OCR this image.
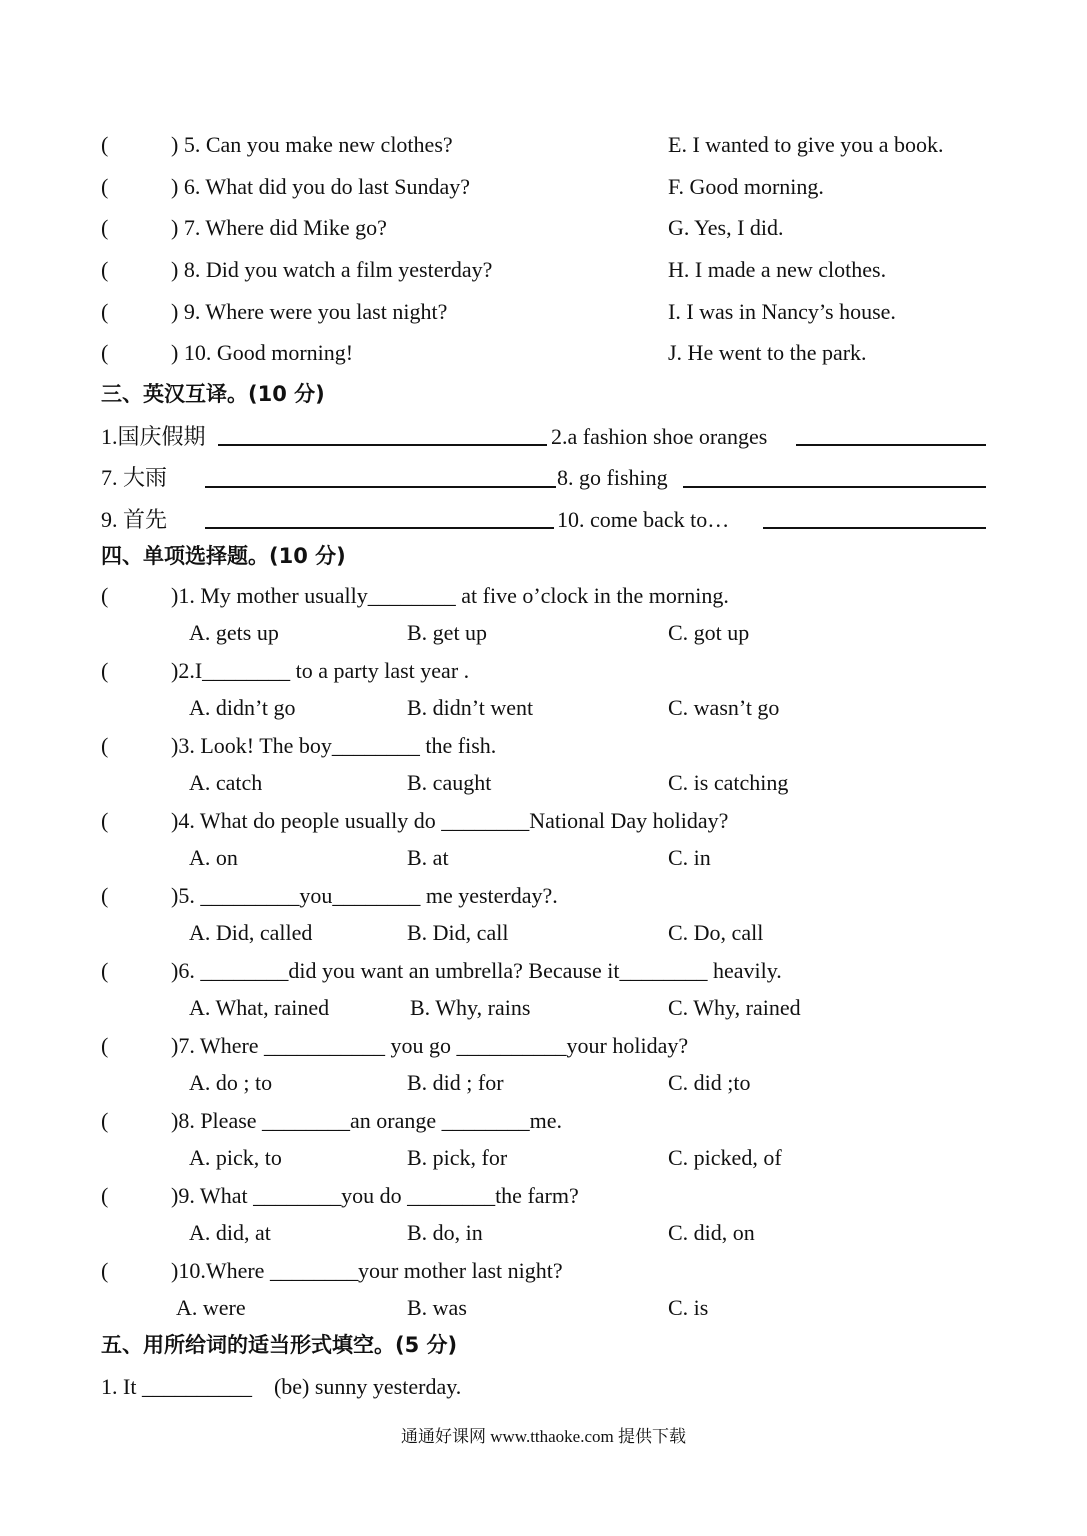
(	) 5. Can you make new clothes?	E. I wanted to give you a book.
(	) 6. What did you do last Sunday?	F. Good morning.
(	) 7. Where did Mike go?	G. Yes, I did.
(	) 8. Did you watch a film yesterday?	H. I made a new clothes.
(	) 9. Where were you last night?	I. I was in Nancy’s house.
(	) 10. Good morning!	J. He went to the park.
三、英汉互译。(10 分)
1.国庆假期	2.a fashion shoe oranges
7. 大雨	8. go fishing
9. 首先	10. come back to…
四、单项选择题。(10 分)
(	)1. My mother usually________ at five o’clock in the morning.
A. gets up	B. get up	C. got up
(	)2.I________ to a party last year .
A. didn’t go	B. didn’t went	C. wasn’t go
(	)3. Look! The boy________ the fish.
A. catch	B. caught	C. is catching
(	)4. What do people usually do ________National Day holiday?
A. on	B. at	C. in
(	)5. _________you________ me yesterday?.
A. Did, called	B. Did, call	C. Do, call
(	)6. ________did you want an umbrella? Because it________ heavily.
A. What, rained	B. Why, rains	C. Why, rained
(	)7. Where ___________ you go __________your holiday?
A. do ; to	B. did ; for	C. did ;to
(	)8. Please ________an orange ________me.
A. pick, to	B. pick, for	C. picked, of
(	)9. What ________you do ________the farm?
A. did, at	B. do, in	C. did, on
(	)10.Where ________your mother last night?
A. were	B. was	C. is
五、用所给词的适当形式填空。(5 分)
1. It __________    (be) sunny yesterday.
通通好课网 www.tthaoke.com 提供下载
